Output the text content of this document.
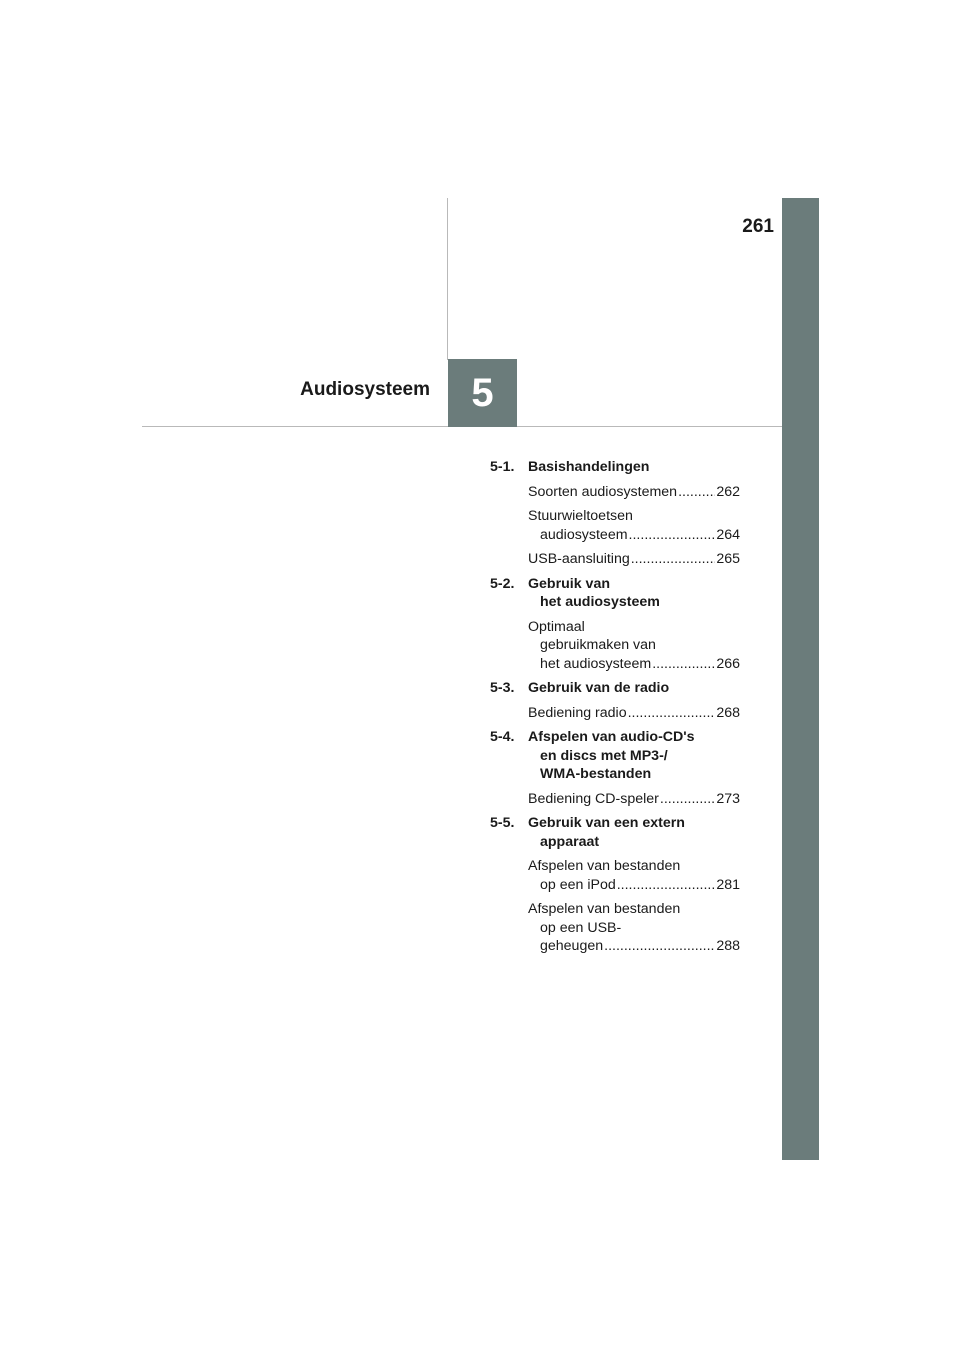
261
Audiosysteem 5
5-1. Basishandelingen
Soorten audiosystemen .....	262
Stuurwieltoetsen
audiosysteem .....	264
USB-aansluiting .....	265
5-2. Gebruik van
het audiosysteem
Optimaal
gebruikmaken van
het audiosysteem .....	266
5-3. Gebruik van de radio
Bediening radio .....	268
5-4. Afspelen van audio-CD's
en discs met MP3-/
WMA-bestanden
Bediening CD-speler .....	273
5-5. Gebruik van een extern
apparaat
Afspelen van bestanden
op een iPod .....	281
Afspelen van bestanden
op een USB-
geheugen .....	288
